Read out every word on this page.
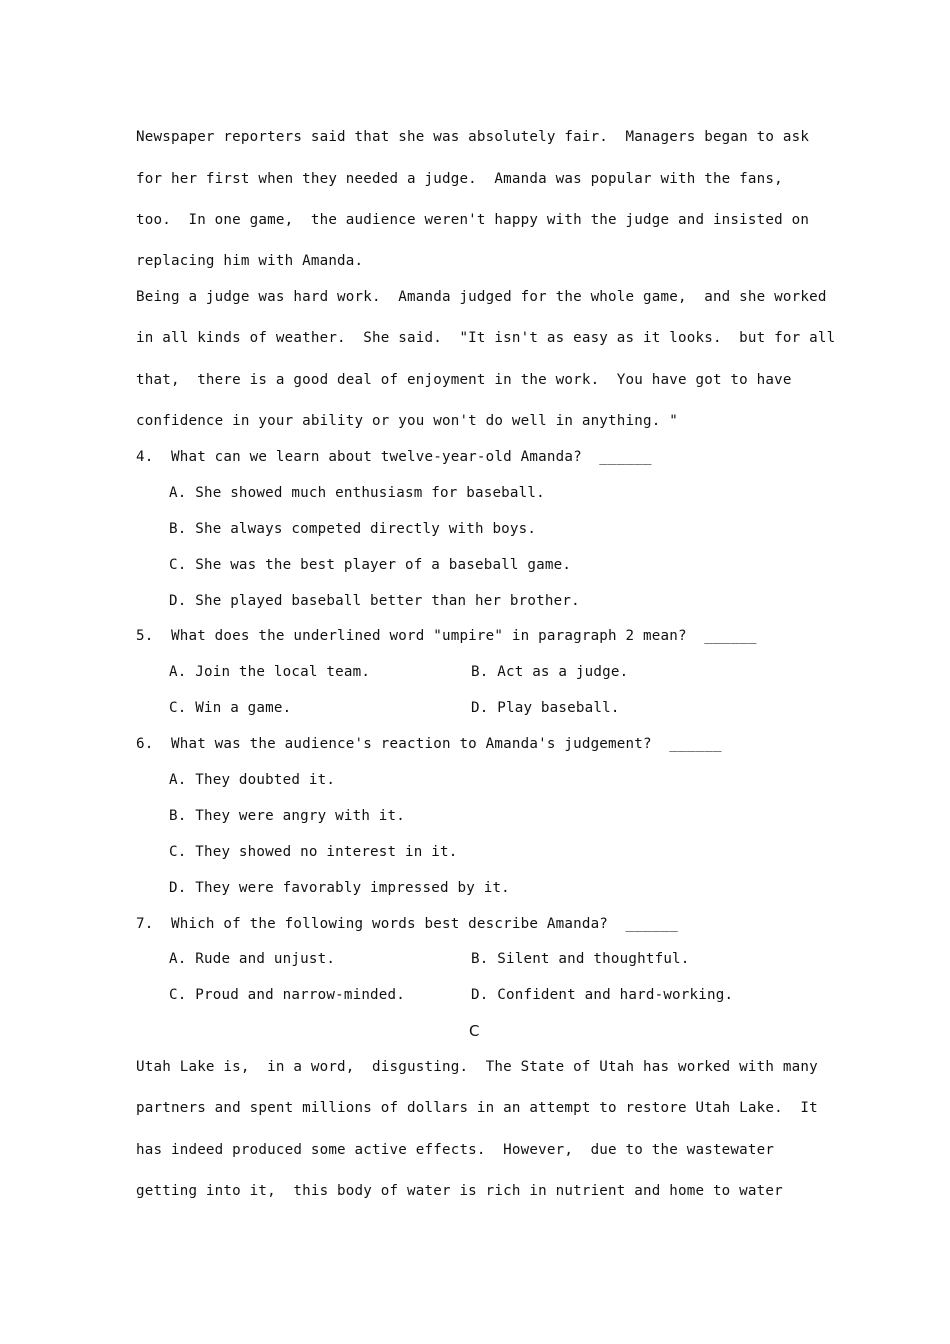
Newspaper reporters said that she was absolutely fair.  Managers began to ask
for her first when they needed a judge.  Amanda was popular with the fans,
too.  In one game,  the audience weren't happy with the judge and insisted on
replacing him with Amanda.
Being a judge was hard work.  Amanda judged for the whole game,  and she worked
in all kinds of weather.  She said.  "It isn't as easy as it looks.  but for all
that,  there is a good deal of enjoyment in the work.  You have got to have
confidence in your ability or you won't do well in anything. "
4.  What can we learn about twelve-year-old Amanda?  ______
A. She showed much enthusiasm for baseball.
B. She always competed directly with boys.
C. She was the best player of a baseball game.
D. She played baseball better than her brother.
5.  What does the underlined word "umpire" in paragraph 2 mean?  ______
A. Join the local team.	B. Act as a judge.
C. Win a game.	D. Play baseball.
6.  What was the audience's reaction to Amanda's judgement?  ______
A. They doubted it.
B. They were angry with it.
C. They showed no interest in it.
D. They were favorably impressed by it.
7.  Which of the following words best describe Amanda?  ______
A. Rude and unjust.	B. Silent and thoughtful.
C. Proud and narrow-minded.	D. Confident and hard-working.
C
Utah Lake is,  in a word,  disgusting.  The State of Utah has worked with many
partners and spent millions of dollars in an attempt to restore Utah Lake.  It
has indeed produced some active effects.  However,  due to the wastewater
getting into it,  this body of water is rich in nutrient and home to water
